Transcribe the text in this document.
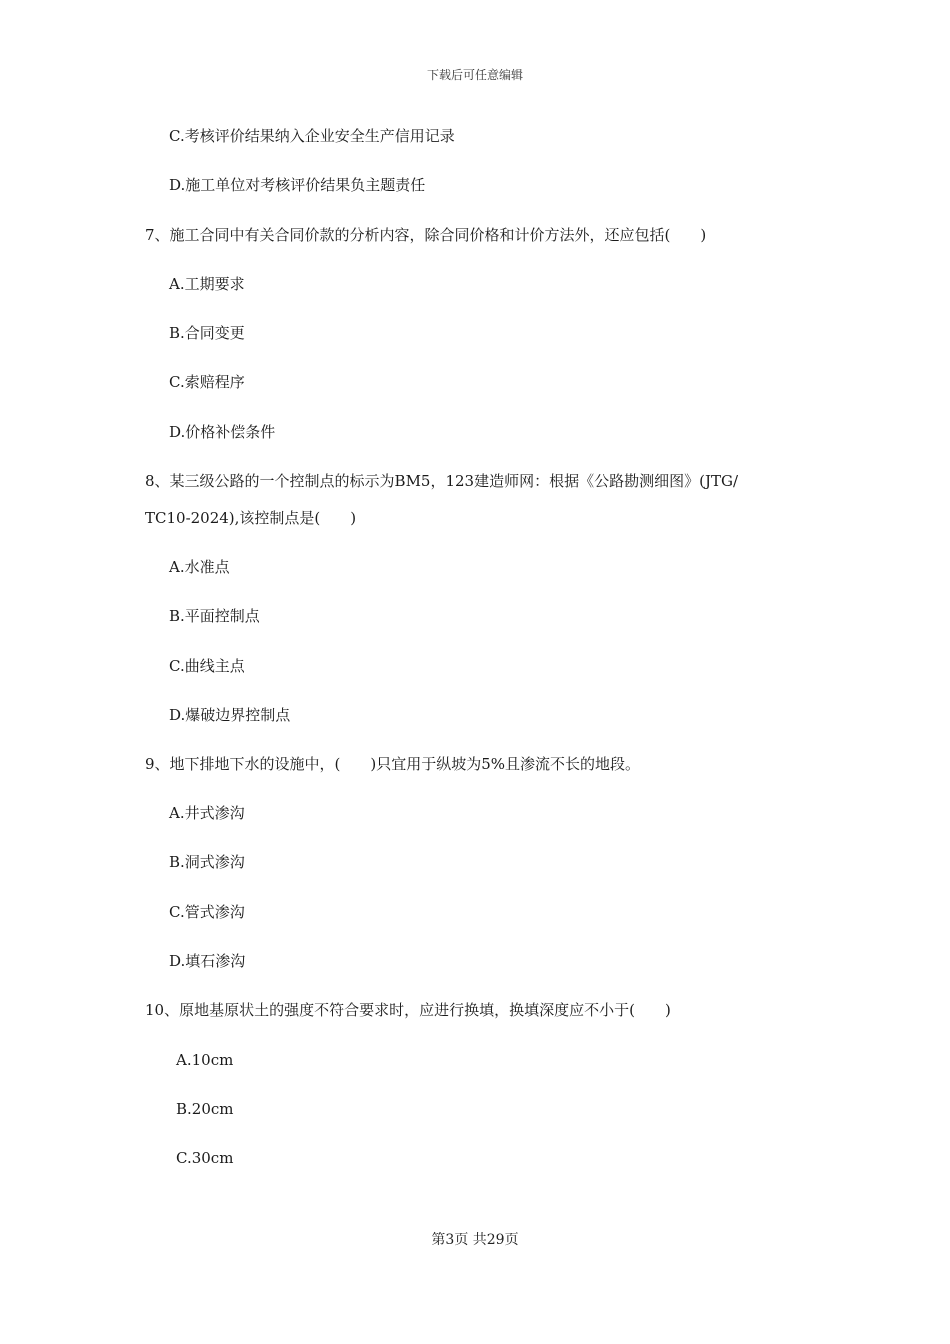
下载后可任意编辑
C.考核评价结果纳入企业安全生产信用记录
D.施工单位对考核评价结果负主题责任
7、施工合同中有关合同价款的分析内容，除合同价格和计价方法外，还应包括(　　)
A.工期要求
B.合同变更
C.索赔程序
D.价格补偿条件
8、某三级公路的一个控制点的标示为BM5，123建造师网：根据《公路勘测细图》(JTG/
TC10-2024),该控制点是(　　)
A.水准点
B.平面控制点
C.曲线主点
D.爆破边界控制点
9、地下排地下水的设施中，(　　)只宜用于纵坡为5%且渗流不长的地段。
A.井式渗沟
B.洞式渗沟
C.管式渗沟
D.填石渗沟
10、原地基原状土的强度不符合要求时，应进行换填，换填深度应不小于(　　)
A.10cm
B.20cm
C.30cm
第3页 共29页
